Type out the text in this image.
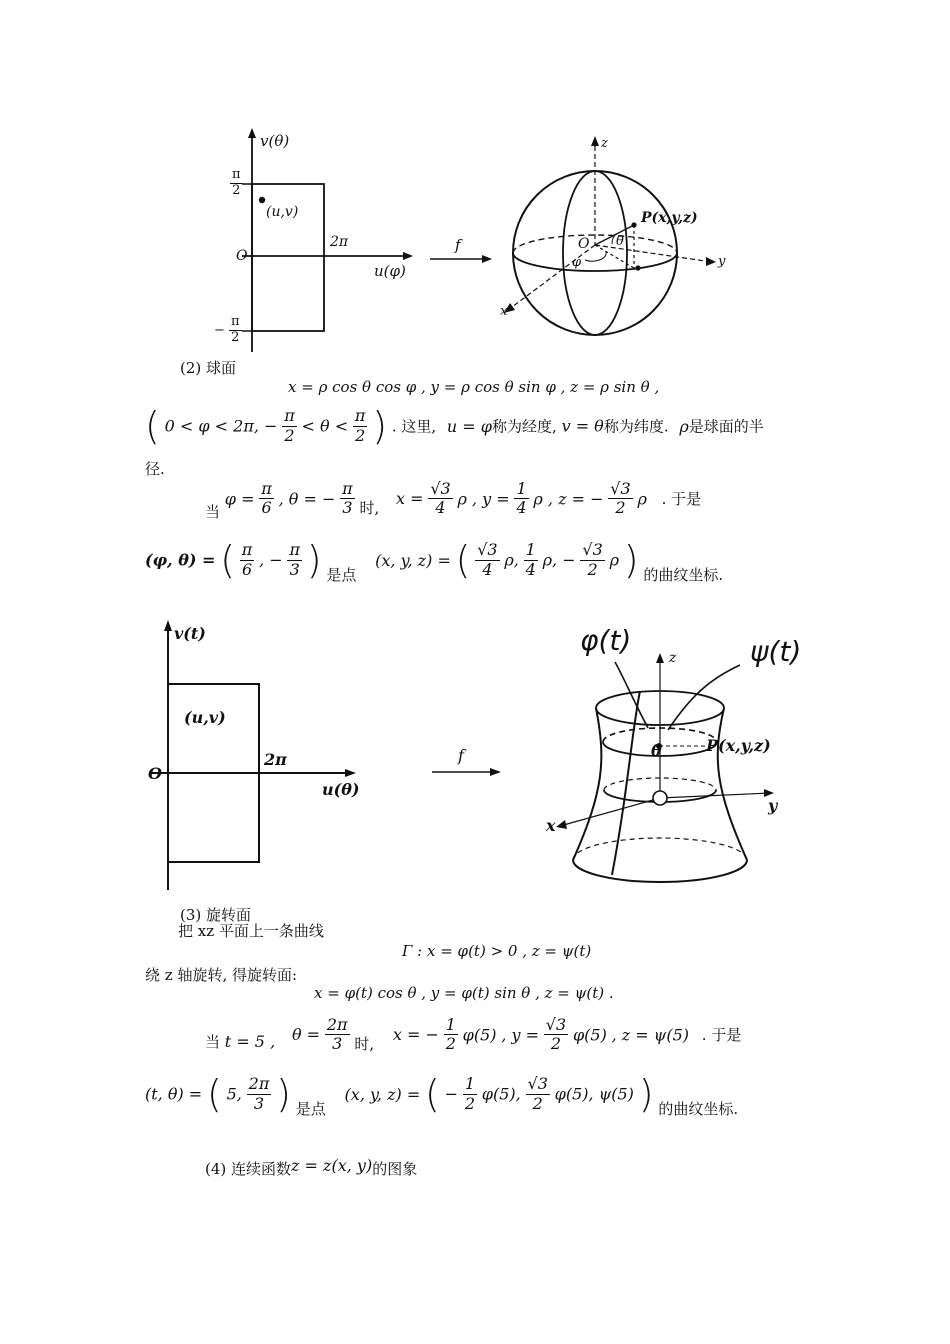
v(θ)
u(φ)
O
2π
(u,v)
$\frac{\pi}{2}$
− $\frac{\pi}{2}$
f
z
y
x
O
P(x,y,z)
θ
φ
(2) 球面
x = ρ cos θ cos φ , y = ρ cos θ sin φ , z = ρ sin θ ,
( 0 < φ < 2π, − $\frac{\pi}{2} < \theta < \frac{\pi}{2}$ ) . 这里, u = φ称为经度, v = θ称为纬度. ρ是球面的半
径.
当 $\varphi = \frac{\pi}{6}$ , θ = − $\frac{\pi}{3}$ 时, $x = \frac{√3}{4}$ ρ , $y = \frac{1}{4}$ ρ , z = − $\frac{√3}{2}$ ρ . 于是
(φ, θ) = ( $\frac{\pi}{6}$ , − $\frac{\pi}{3}$ ) 是点 (x, y, z) = ( $\frac{√3}{4} \rho$, $\frac{1}{4} \rho$, − $\frac{√3}{2}$ ρ ) 的曲纹坐标.
v(t)
u(θ)
O
2π
(u,v)
f
φ(t)	ψ(t)
z
y
x
θ	P(x,y,z)
(3) 旋转面
把 xz 平面上一条曲线
Γ : x = φ(t) > 0 , z = ψ(t)
绕 z 轴旋转, 得旋转面:
x = φ(t) cos θ , y = φ(t) sin θ , z = ψ(t) .
当 t = 5 , $\theta = \frac{2\pi}{3}$ 时, x = − $\frac{1}{2} \varphi(5)$ , $y = \frac{√3}{2} \varphi(5)$ , z = ψ(5) . 于是
(t, θ) = ( 5, $\frac{2\pi}{3}$ ) 是点 (x, y, z) = ( − $\frac{1}{2} \varphi(5)$, $\frac{√3}{2} \varphi(5)$, ψ(5) ) 的曲纹坐标.
(4) 连续函数z = z(x, y)的图象
